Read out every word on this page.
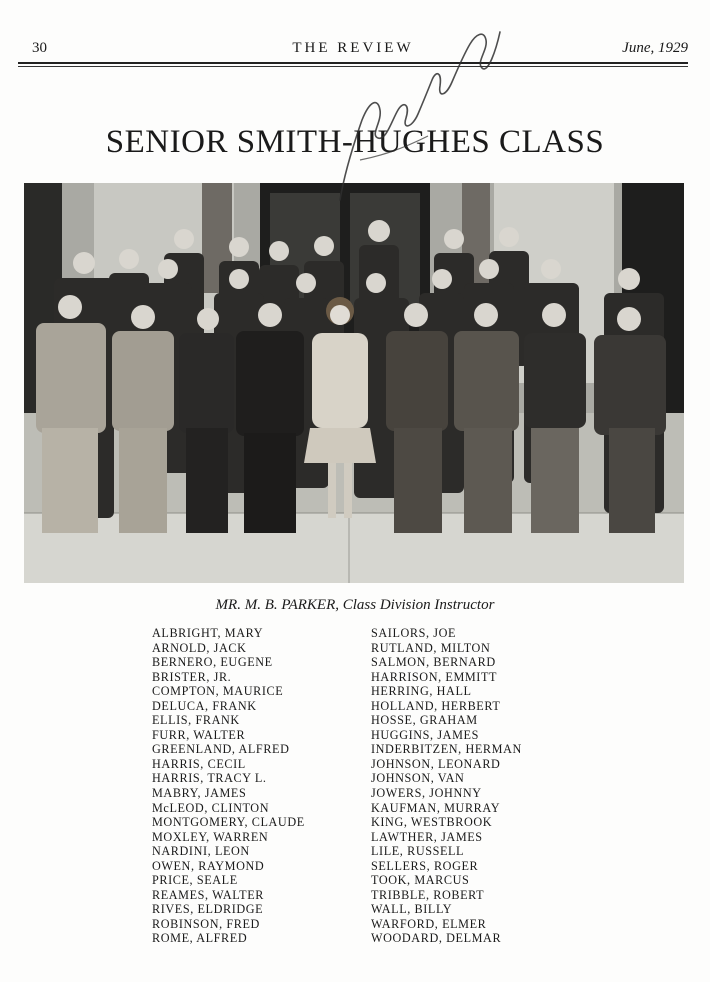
30	THE REVIEW	June, 1929
SENIOR SMITH-HUGHES CLASS
MR. M. B. PARKER, Class Division Instructor
ALBRIGHT, MARY
ARNOLD, JACK
BERNERO, EUGENE
BRISTER, JR.
COMPTON, MAURICE
DELUCA, FRANK
ELLIS, FRANK
FURR, WALTER
GREENLAND, ALFRED
HARRIS, CECIL
HARRIS, TRACY L.
MABRY, JAMES
McLEOD, CLINTON
MONTGOMERY, CLAUDE
MOXLEY, WARREN
NARDINI, LEON
OWEN, RAYMOND
PRICE, SEALE
REAMES, WALTER
RIVES, ELDRIDGE
ROBINSON, FRED
ROME, ALFRED
SAILORS, JOE
RUTLAND, MILTON
SALMON, BERNARD
HARRISON, EMMITT
HERRING, HALL
HOLLAND, HERBERT
HOSSE, GRAHAM
HUGGINS, JAMES
INDERBITZEN, HERMAN
JOHNSON, LEONARD
JOHNSON, VAN
JOWERS, JOHNNY
KAUFMAN, MURRAY
KING, WESTBROOK
LAWTHER, JAMES
LILE, RUSSELL
SELLERS, ROGER
TOOK, MARCUS
TRIBBLE, ROBERT
WALL, BILLY
WARFORD, ELMER
WOODARD, DELMAR
